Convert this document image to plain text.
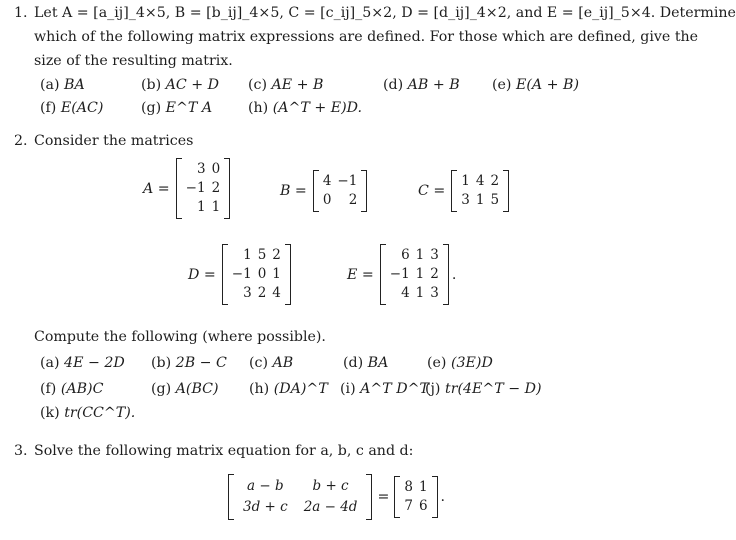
1. Let A = [a_ij]_4×5, B = [b_ij]_4×5, C = [c_ij]_5×2, D = [d_ij]_4×2, and E = [e_ij]_5×4. Determine
which of the following matrix expressions are defined. For those which are defined, give the
size of the resulting matrix.
(a) BA	(b) AC + D (c) AE + B	(d) AB + B (e) E(A + B)
(f) E(AC)	(g) E^T A	(h) (A^T + E)D.
2. Consider the matrices
A =
3	0
−1	2
1	1
B =
4	−1
0	2
C =
1	4	2
3	1	5
D =
1	5	2
−1	0	1
3	2	4
E =
6	1	3
−1	1	2
4	1	3
.
Compute the following (where possible).
(a) 4E − 2D (b) 2B − C (c) AB	(d) BA	(e) (3E)D
(f) (AB)C	(g) A(BC) (h) (DA)^T (i) A^T D^T
(j) tr(4E^T − D)
(k) tr(CC^T).
3. Solve the following matrix equation for a, b, c and d:
a − b	b + c
3d + c	2a − 4d
=
8	1
7	6
.
